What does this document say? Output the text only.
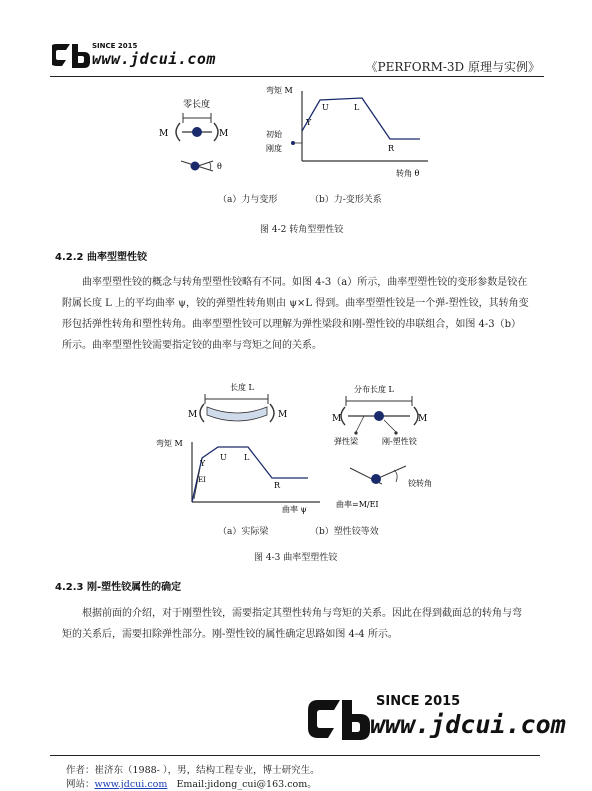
SINCE 2015
www.jdcui.com	《PERFORM-3D 原理与实例》
零长度
M	M
θ
弯矩 M
初始
刚度
Y
U	L
R
转角 θ
（a）力与变形	（b）力-变形关系
图 4-2 转角型塑性铰
4.2.2 曲率型塑性铰
曲率型塑性铰的概念与转角型塑性铰略有不同。如图 4-3（a）所示，曲率型塑性铰的变形参数是铰在
附属长度 L 上的平均曲率 ψ，铰的弹塑性转角则由 ψ×L 得到。曲率型塑性铰是一个弹-塑性铰，其转角变
形包括弹性转角和塑性转角。曲率型塑性铰可以理解为弹性梁段和刚-塑性铰的串联组合，如图 4-3（b）
所示。曲率型塑性铰需要指定铰的曲率与弯矩之间的关系。
长度 L
M	M
弯矩 M
Y
U L
R
EI
曲率 ψ
分布长度 L
M	M
弹性梁	刚-塑性铰
铰转角
曲率=M/EI
（a）实际梁	（b）塑性铰等效
图 4-3 曲率型塑性铰
4.2.3 刚-塑性铰属性的确定
根据前面的介绍，对于刚塑性铰，需要指定其塑性转角与弯矩的关系。因此在得到截面总的转角与弯
矩的关系后，需要扣除弹性部分。刚-塑性铰的属性确定思路如图 4-4 所示。
SINCE 2015
www.jdcui.com
作者：崔济东（1988- ），男，结构工程专业，博士研究生。
网站：www.jdcui.com Email:jidong_cui@163.com。
